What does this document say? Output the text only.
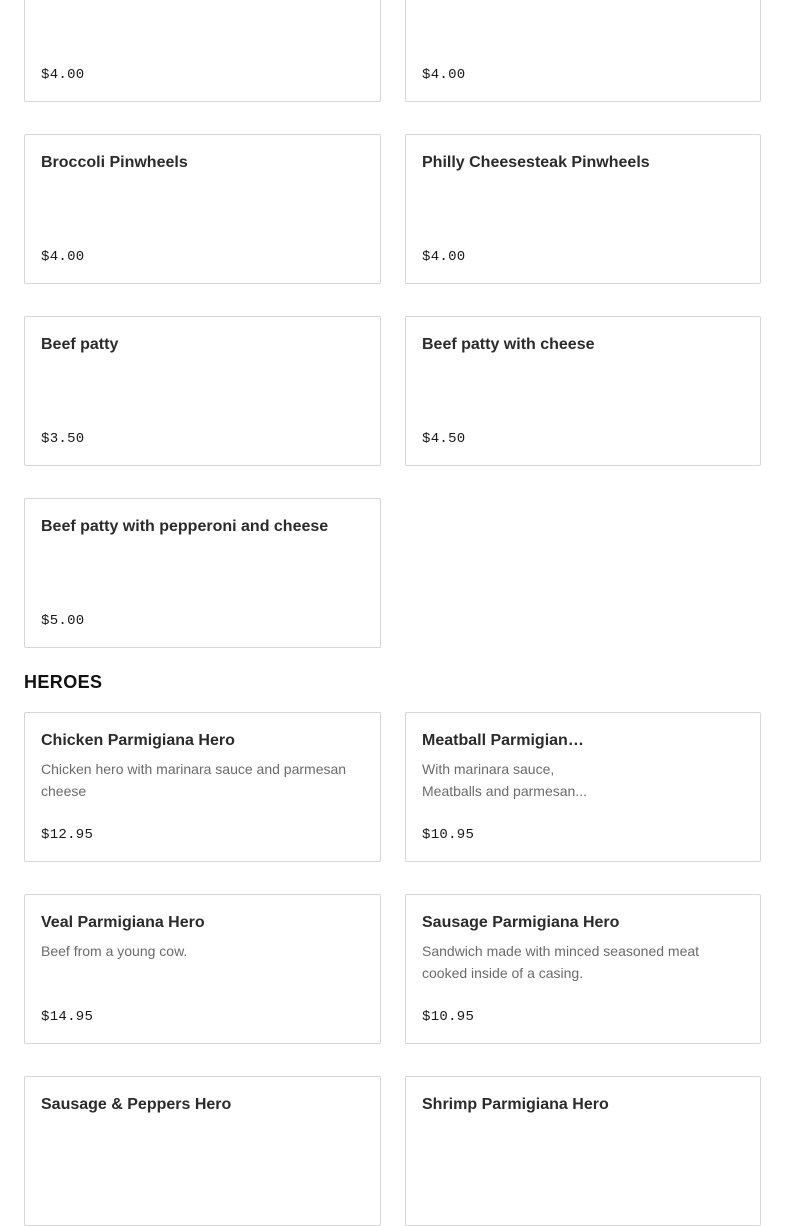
$4.00	$4.00
Broccoli Pinwheels
$4.00
Philly Cheesesteak Pinwheels
$4.00
Beef patty
$3.50
Beef patty with cheese
$4.50
Beef patty with pepperoni and cheese
$5.00
HEROES
Chicken Parmigiana Hero
Chicken hero with marinara sauce and parmesan cheese
$12.95
Meatball Parmigiana...
With marinara sauce, Meatballs and parmesan...
$10.95
Veal Parmigiana Hero
Beef from a young cow.
$14.95
Sausage Parmigiana Hero
Sandwich made with minced seasoned meat cooked inside of a casing.
$10.95
Sausage & Peppers Hero	Shrimp Parmigiana Hero
